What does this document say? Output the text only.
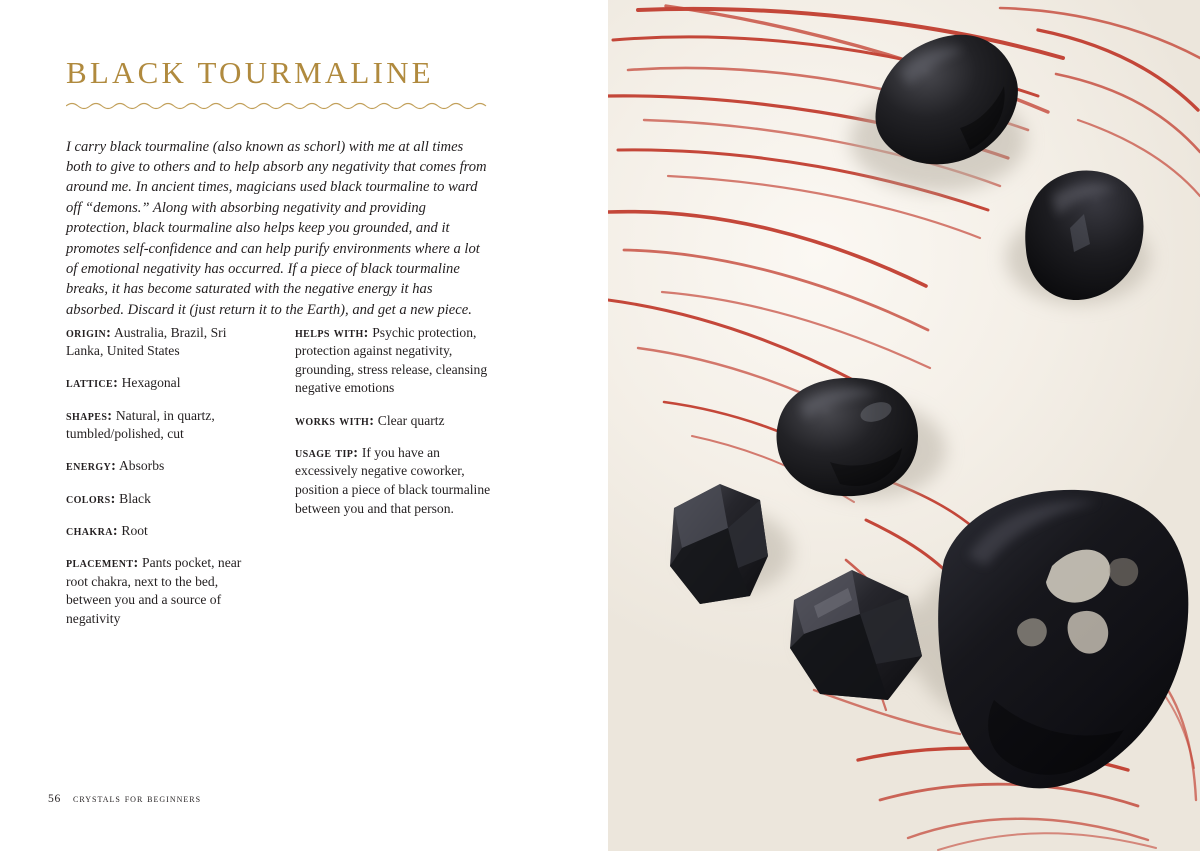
BLACK TOURMALINE

I carry black tourmaline (also known as schorl) with me at all times both to give to others and to help absorb any negativity that comes from around me. In ancient times, magicians used black tourmaline to ward off “demons.” Along with absorbing negativity and providing protection, black tourmaline also helps keep you grounded, and it promotes self-confidence and can help purify environments where a lot of emotional negativity has occurred. If a piece of black tourmaline breaks, it has become saturated with the negative energy it has absorbed. Discard it (just return it to the Earth), and get a new piece.

origin: Australia, Brazil, Sri Lanka, United States

lattice: Hexagonal

shapes: Natural, in quartz, tumbled/polished, cut

energy: Absorbs

colors: Black

chakra: Root

placement: Pants pocket, near root chakra, next to the bed, between you and a source of negativity

helps with: Psychic protection, protection against negativity, grounding, stress release, cleansing negative emotions

works with: Clear quartz

usage tip: If you have an excessively negative coworker, position a piece of black tourmaline between you and that person.

56 crystals for beginners
